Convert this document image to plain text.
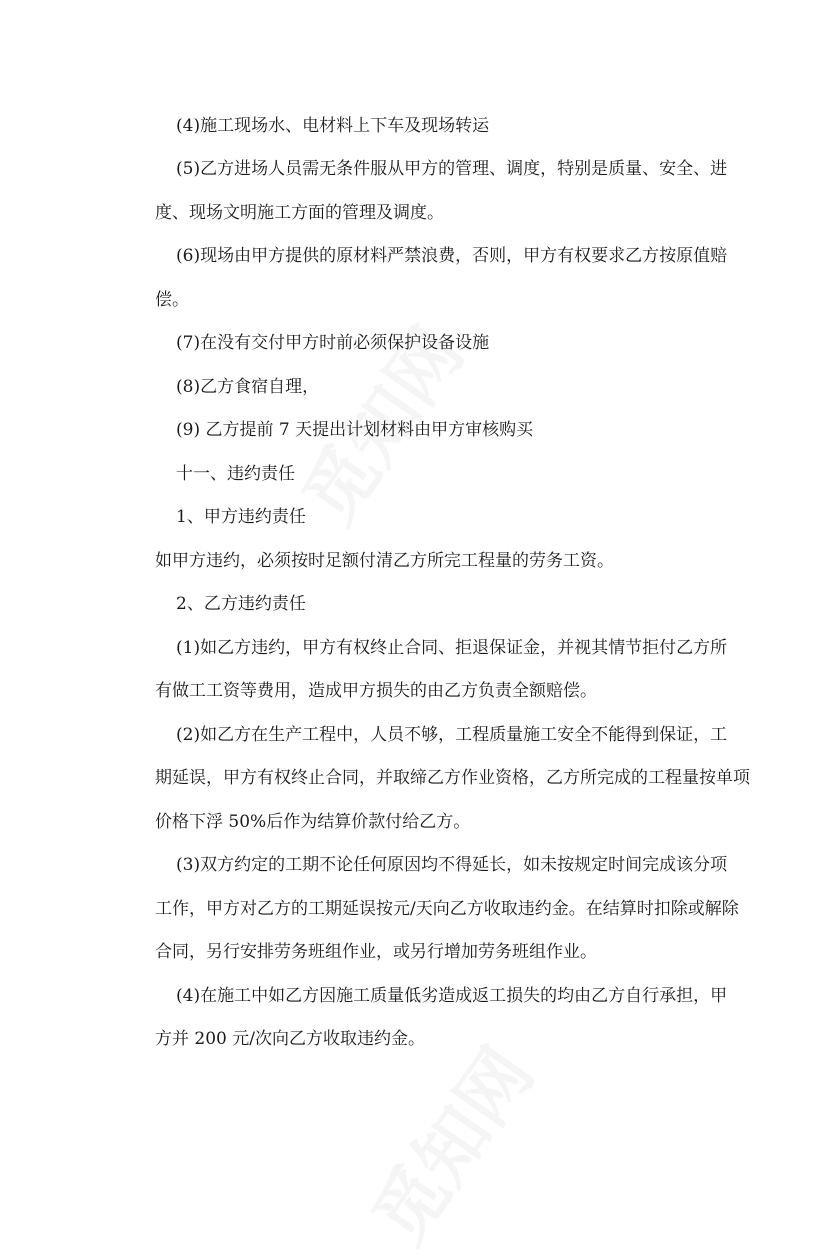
(4)施工现场水、电材料上下车及现场转运
(5)乙方进场人员需无条件服从甲方的管理、调度，特别是质量、安全、进
度、现场文明施工方面的管理及调度。
(6)现场由甲方提供的原材料严禁浪费，否则，甲方有权要求乙方按原值赔
偿。
(7)在没有交付甲方时前必须保护设备设施
(8)乙方食宿自理，
(9) 乙方提前 7 天提出计划材料由甲方审核购买
十一、违约责任
1、甲方违约责任
如甲方违约，必须按时足额付清乙方所完工程量的劳务工资。
2、乙方违约责任
(1)如乙方违约，甲方有权终止合同、拒退保证金，并视其情节拒付乙方所
有做工工资等费用，造成甲方损失的由乙方负责全额赔偿。
(2)如乙方在生产工程中，人员不够，工程质量施工安全不能得到保证，工
期延误，甲方有权终止合同，并取缔乙方作业资格，乙方所完成的工程量按单项
价格下浮 50%后作为结算价款付给乙方。
(3)双方约定的工期不论任何原因均不得延长，如未按规定时间完成该分项
工作，甲方对乙方的工期延误按元/天向乙方收取违约金。在结算时扣除或解除
合同，另行安排劳务班组作业，或另行增加劳务班组作业。
(4)在施工中如乙方因施工质量低劣造成返工损失的均由乙方自行承担，甲
方并 200 元/次向乙方收取违约金。
